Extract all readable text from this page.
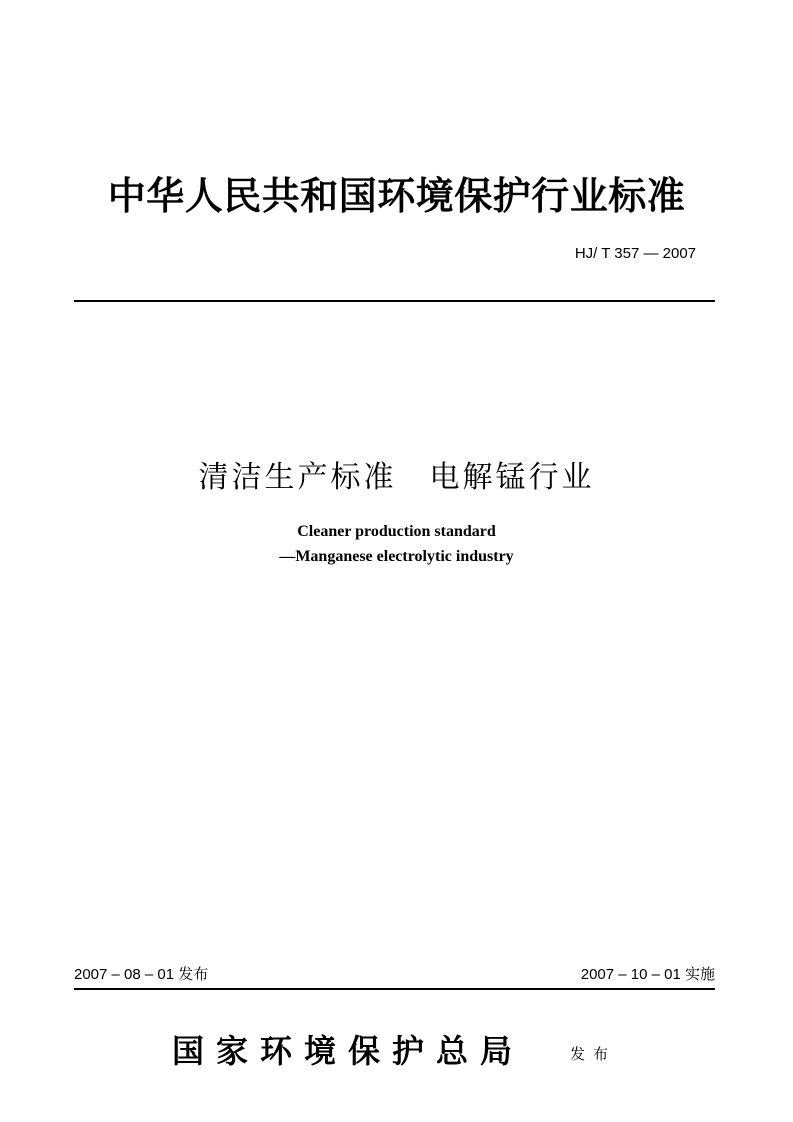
中华人民共和国环境保护行业标准
HJ/ T 357 — 2007
清洁生产标准　电解锰行业
Cleaner production standard
—Manganese electrolytic industry
2007 – 08 – 01 发布	2007 – 10 – 01 实施
国家环境保护总局	发布
